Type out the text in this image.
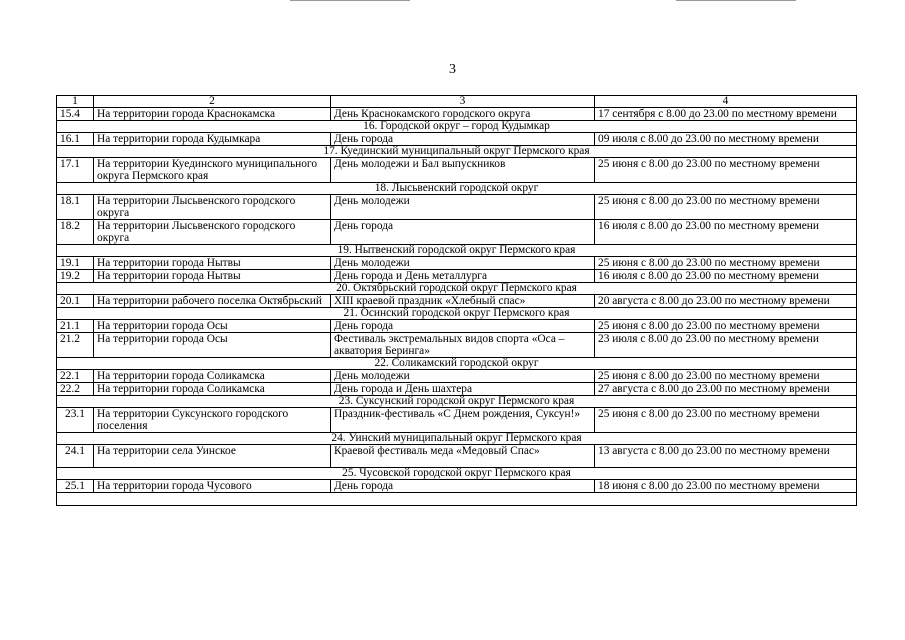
3
1	2	3	4
15.4	На территории города Краснокамска	День Краснокамского городского округа	17 сентября с 8.00 до 23.00 по местному времени
16. Городской округ – город Кудымкар			
16.1	На территории города Кудымкара	День города	09 июля с 8.00 до 23.00 по местному времени
17. Куединский муниципальный округ Пермского края			
17.1	На территории Куединского муниципального округа Пермского края	День молодежи и Бал выпускников	25 июня с 8.00 до 23.00 по местному времени
18. Лысьвенский городской округ			
18.1	На территории Лысьвенского городского округа	День молодежи	25 июня с 8.00 до 23.00 по местному времени
18.2	На территории Лысьвенского городского округа	День города	16 июля с 8.00 до 23.00 по местному времени
19. Нытвенский городской округ Пермского края			
19.1	На территории города Нытвы	День молодежи	25 июня с 8.00 до 23.00 по местному времени
19.2	На территории города Нытвы	День города и День металлурга	16 июля с 8.00 до 23.00 по местному времени
20. Октябрьский городской округ Пермского края			
20.1	На территории рабочего поселка Октябрьский	XIII краевой праздник «Хлебный спас»	20 августа с 8.00 до 23.00 по местному времени
21. Осинский городской округ Пермского края			
21.1	На территории города Осы	День города	25 июня с 8.00 до 23.00 по местному времени
21.2	На территории города Осы	Фестиваль экстремальных видов спорта «Оса – акватория Беринга»	23 июля с 8.00 до 23.00 по местному времени
22. Соликамский городской округ			
22.1	На территории города Соликамска	День молодежи	25 июня с 8.00 до 23.00 по местному времени
22.2	На территории города Соликамска	День города и День шахтера	27 августа с 8.00 до 23.00 по местному времени
23. Суксунский городской округ Пермского края			
23.1	На территории Суксунского городского поселения	Праздник-фестиваль «С Днем рождения, Суксун!»	25 июня с 8.00 до 23.00 по местному времени
24. Уинский муниципальный округ Пермского края			
24.1	На территории села Уинское	Краевой фестиваль меда «Медовый Спас»	13 августа с 8.00 до 23.00 по местному времени
25. Чусовской городской округ Пермского края			
25.1	На территории города Чусового	День города	18 июня с 8.00 до 23.00 по местному времени
